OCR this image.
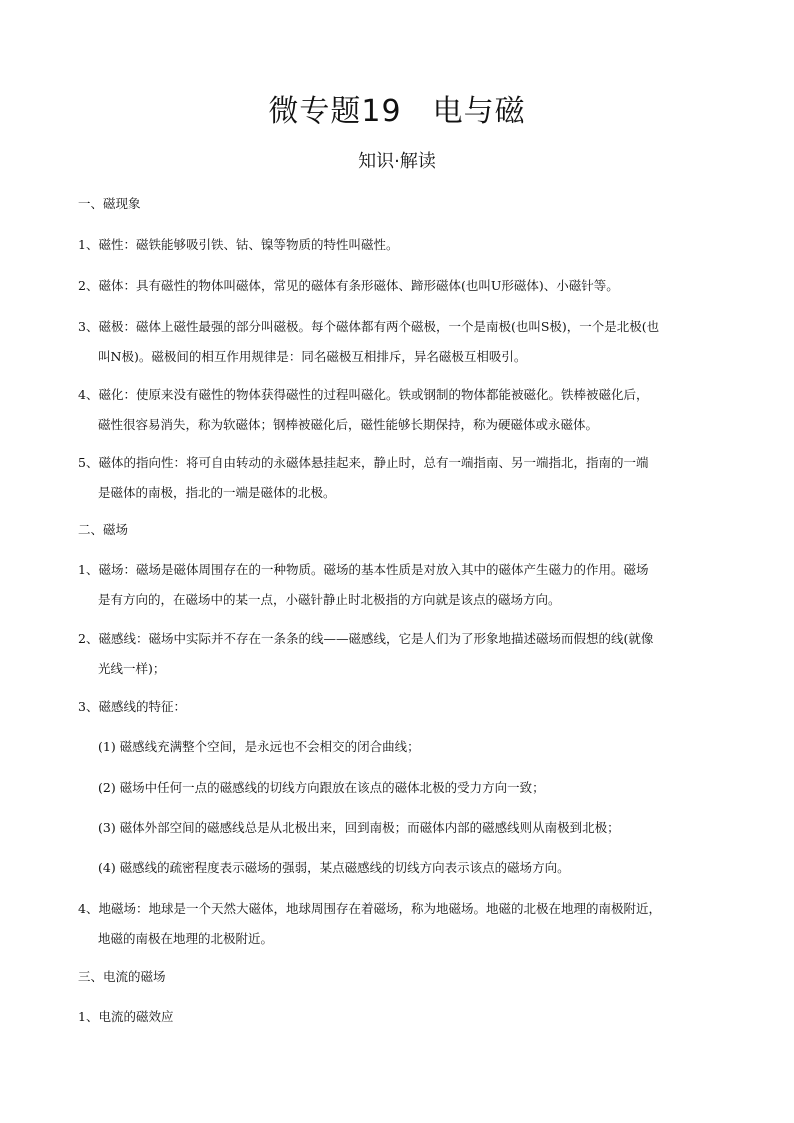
微专题19　电与磁
知识·解读
一、磁现象
1、磁性：磁铁能够吸引铁、钴、镍等物质的特性叫磁性。
2、磁体：具有磁性的物体叫磁体，常见的磁体有条形磁体、蹄形磁体(也叫U形磁体)、小磁针等。
3、磁极：磁体上磁性最强的部分叫磁极。每个磁体都有两个磁极，一个是南极(也叫S极)，一个是北极(也
叫N极)。磁极间的相互作用规律是：同名磁极互相排斥，异名磁极互相吸引。
4、磁化：使原来没有磁性的物体获得磁性的过程叫磁化。铁或钢制的物体都能被磁化。铁棒被磁化后，
磁性很容易消失，称为软磁体；钢棒被磁化后，磁性能够长期保持，称为硬磁体或永磁体。
5、磁体的指向性：将可自由转动的永磁体悬挂起来，静止时，总有一端指南、另一端指北，指南的一端
是磁体的南极，指北的一端是磁体的北极。
二、磁场
1、磁场：磁场是磁体周围存在的一种物质。磁场的基本性质是对放入其中的磁体产生磁力的作用。磁场
是有方向的，在磁场中的某一点，小磁针静止时北极指的方向就是该点的磁场方向。
2、磁感线：磁场中实际并不存在一条条的线——磁感线，它是人们为了形象地描述磁场而假想的线(就像
光线一样)；
3、磁感线的特征：
(1) 磁感线充满整个空间，是永远也不会相交的闭合曲线；
(2) 磁场中任何一点的磁感线的切线方向跟放在该点的磁体北极的受力方向一致；
(3) 磁体外部空间的磁感线总是从北极出来，回到南极；而磁体内部的磁感线则从南极到北极；
(4) 磁感线的疏密程度表示磁场的强弱，某点磁感线的切线方向表示该点的磁场方向。
4、地磁场：地球是一个天然大磁体，地球周围存在着磁场，称为地磁场。地磁的北极在地理的南极附近，
地磁的南极在地理的北极附近。
三、电流的磁场
1、电流的磁效应
